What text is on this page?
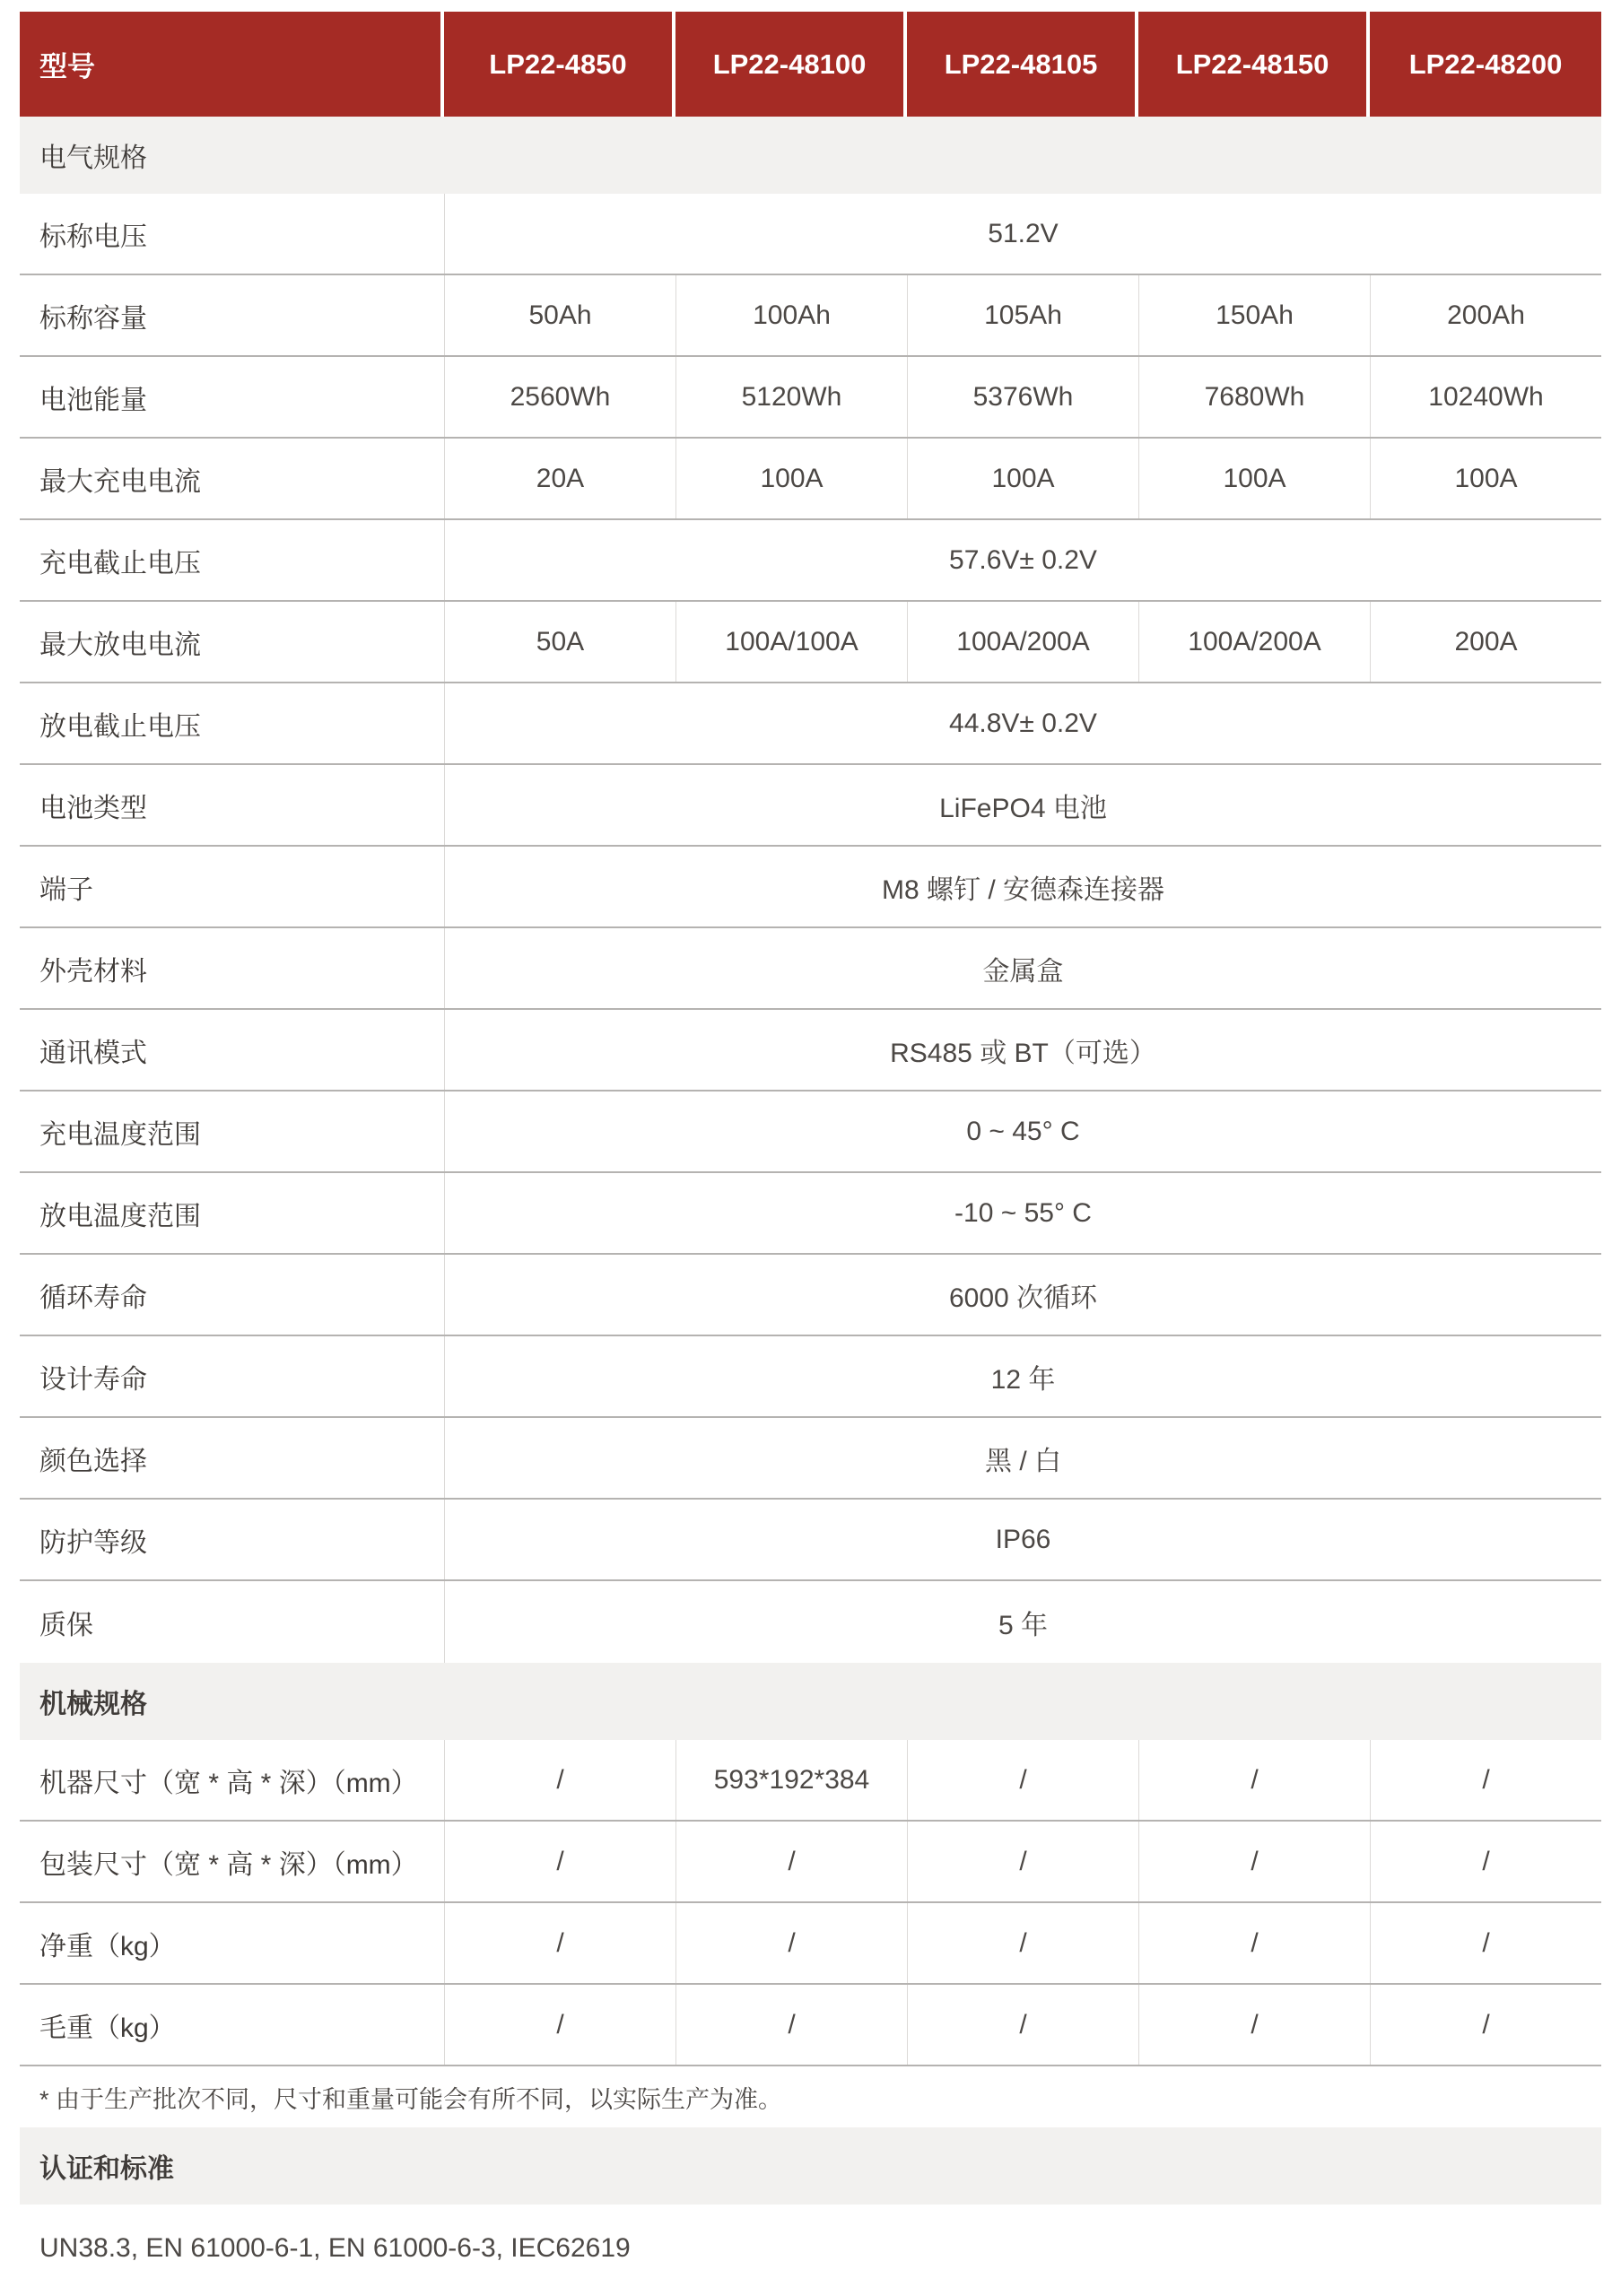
型号	LP22-4850	LP22-48100	LP22-48105	LP22-48150	LP22-48200
电气规格
标称电压	51.2V
标称容量	50Ah	100Ah	105Ah	150Ah	200Ah
电池能量	2560Wh	5120Wh	5376Wh	7680Wh	10240Wh
最大充电电流	20A	100A	100A	100A	100A
充电截止电压	57.6V± 0.2V
最大放电电流	50A	100A/100A	100A/200A	100A/200A	200A
放电截止电压	44.8V± 0.2V
电池类型	LiFePO4 电池
端子	M8 螺钉 / 安德森连接器
外壳材料	金属盒
通讯模式	RS485 或 BT（可选）
充电温度范围	0 ~ 45° C
放电温度范围	-10 ~ 55° C
循环寿命	6000 次循环
设计寿命	12 年
颜色选择	黑 / 白
防护等级	IP66
质保	5 年
机械规格
机器尺寸（宽 * 高 * 深）（mm）	/	593*192*384	/	/	/
包装尺寸（宽 * 高 * 深）（mm）	/	/	/	/	/
净重（kg）	/	/	/	/	/
毛重（kg）	/	/	/	/	/
* 由于生产批次不同，尺寸和重量可能会有所不同，以实际生产为准。
认证和标准
UN38.3, EN 61000-6-1, EN 61000-6-3, IEC62619
